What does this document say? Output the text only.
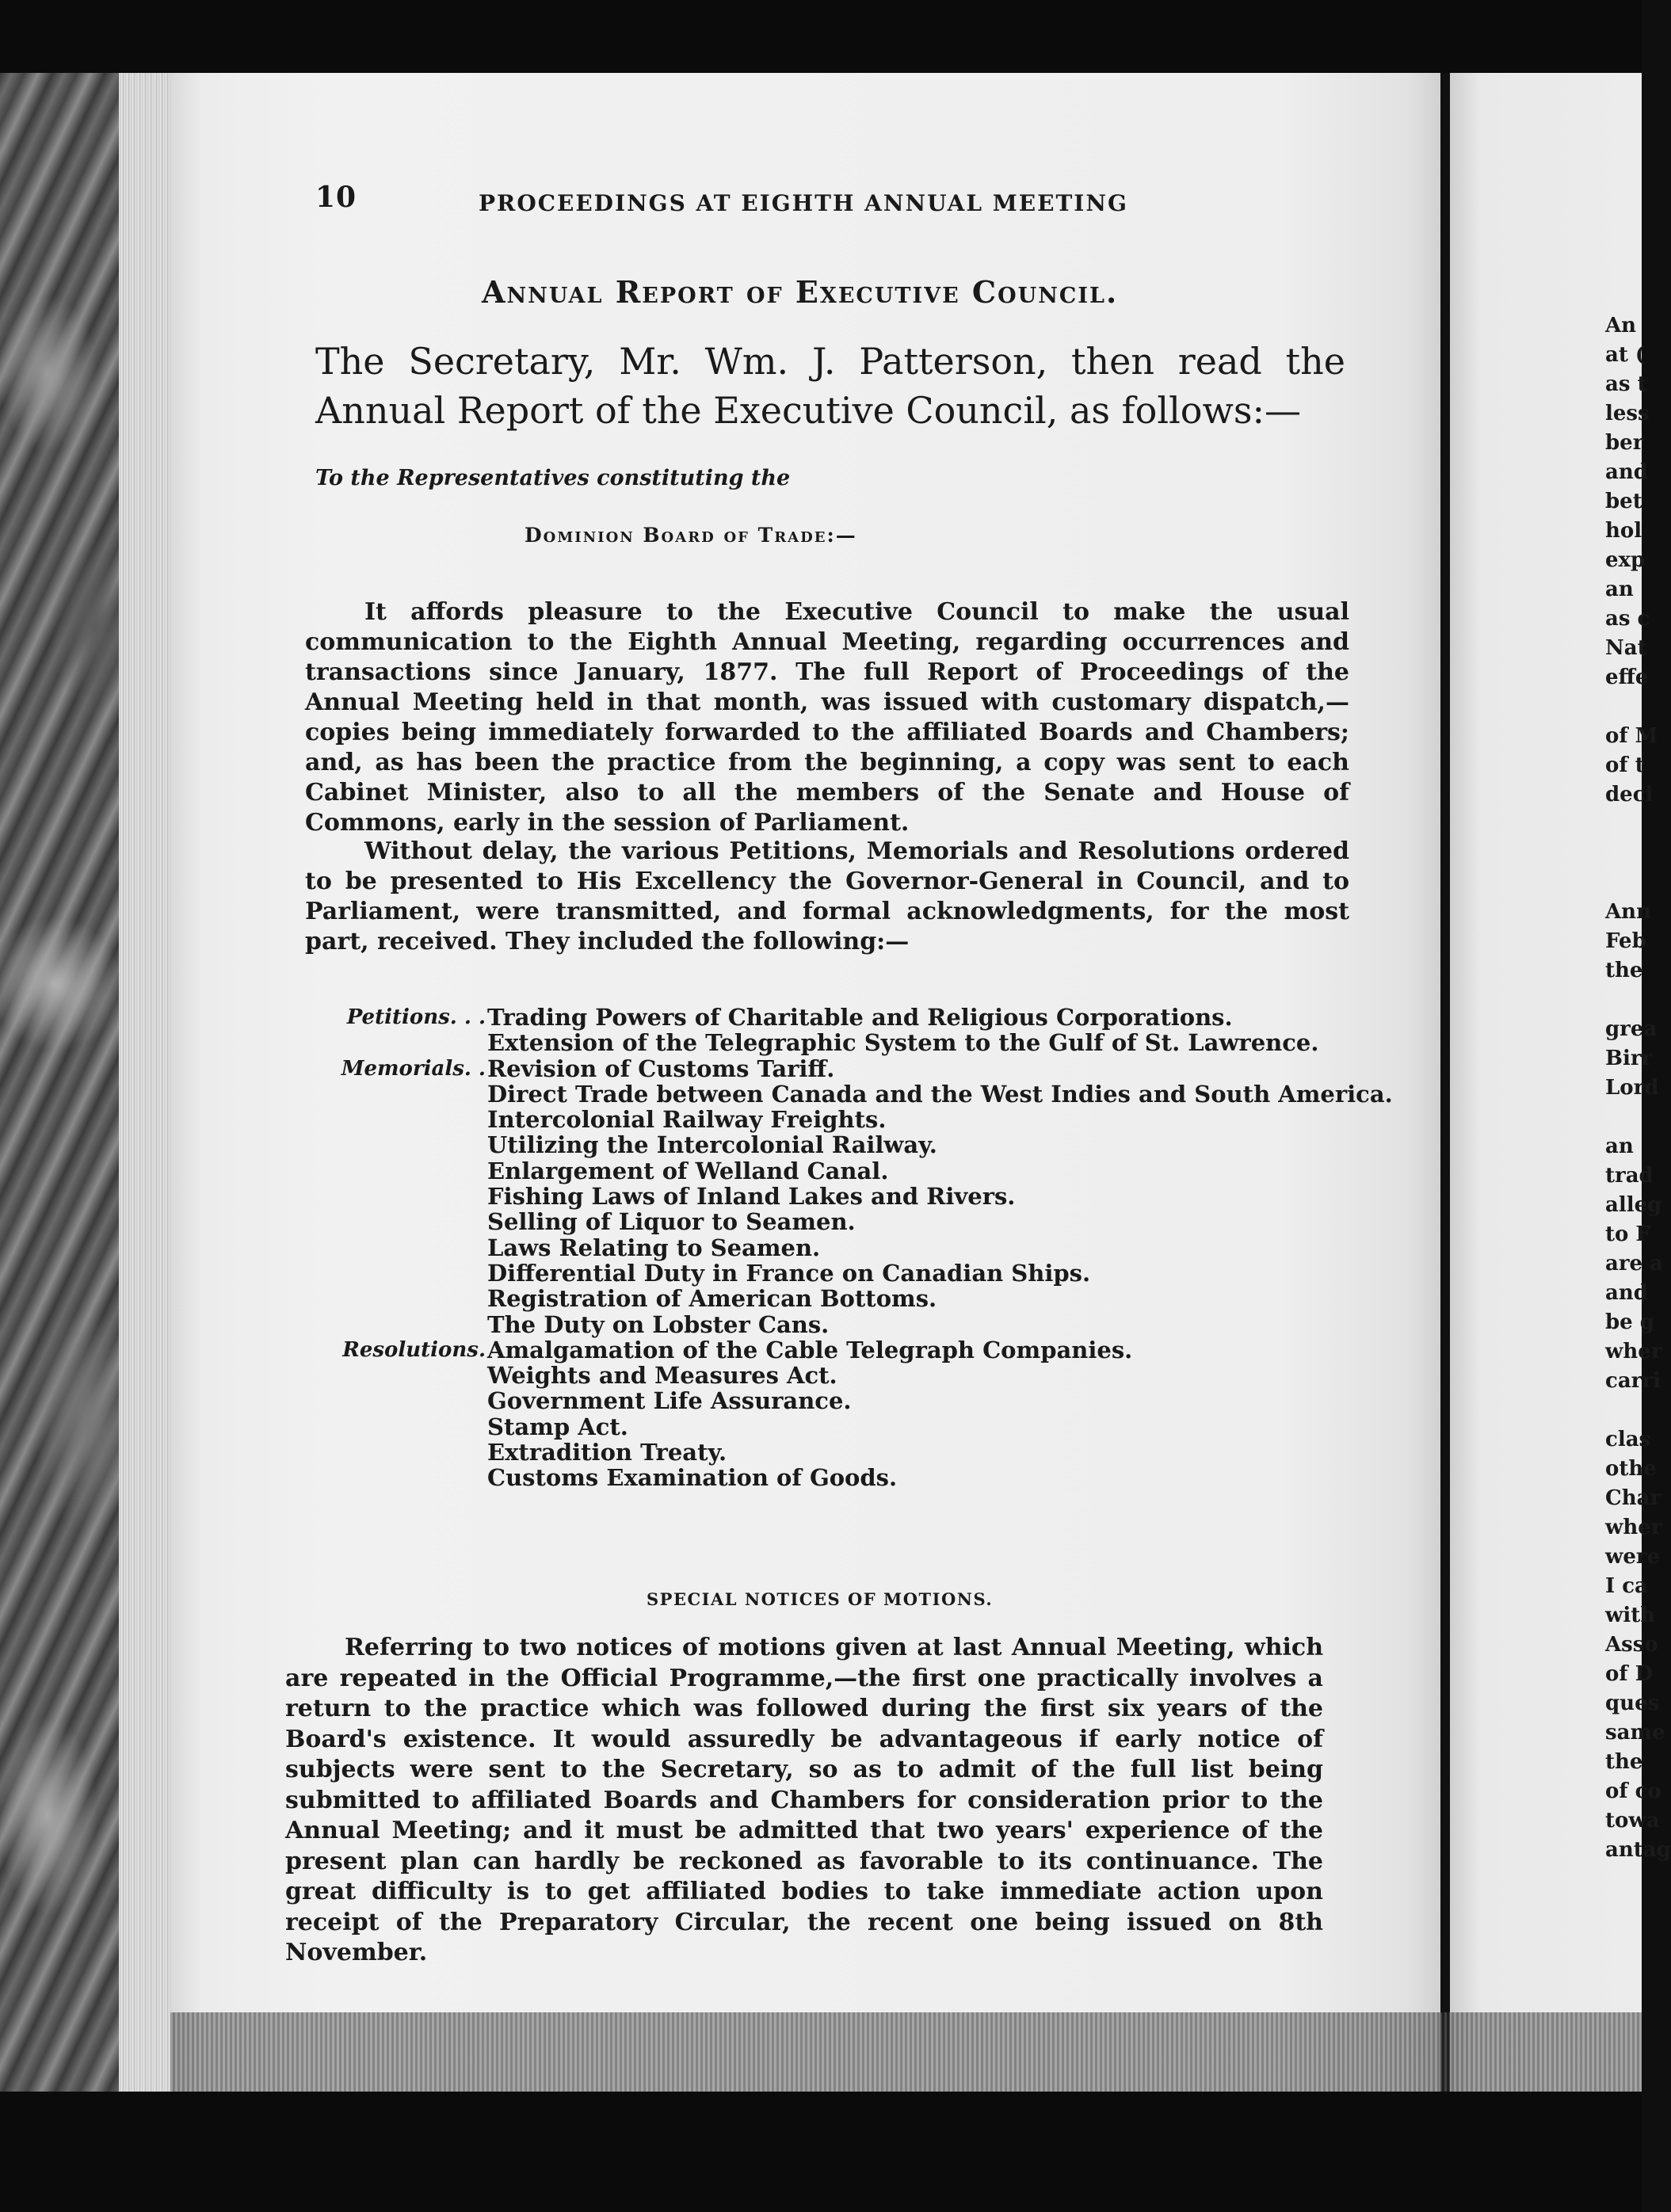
10	PROCEEDINGS AT EIGHTH ANNUAL MEETING
Annual Report of Executive Council.
The Secretary, Mr. Wm. J. Patterson, then read the Annual Report of the Executive Council, as follows:—
To the Representatives constituting the
Dominion Board of Trade:—
It affords pleasure to the Executive Council to make the usual communication to the Eighth Annual Meeting, regarding occurrences and transactions since January, 1877. The full Report of Proceedings of the Annual Meeting held in that month, was issued with customary dispatch,—copies being immediately forwarded to the affiliated Boards and Chambers; and, as has been the practice from the beginning, a copy was sent to each Cabinet Minister, also to all the members of the Senate and House of Commons, early in the session of Parliament.
Without delay, the various Petitions, Memorials and Resolutions ordered to be presented to His Excellency the Governor-General in Council, and to Parliament, were transmitted, and formal acknowledgments, for the most part, received. They included the following:—
Petitions. . . Trading Powers of Charitable and Religious Corporations.
Extension of the Telegraphic System to the Gulf of St. Lawrence.
Memorials. . Revision of Customs Tariff.
Direct Trade between Canada and the West Indies and South America.
Intercolonial Railway Freights.
Utilizing the Intercolonial Railway.
Enlargement of Welland Canal.
Fishing Laws of Inland Lakes and Rivers.
Selling of Liquor to Seamen.
Laws Relating to Seamen.
Differential Duty in France on Canadian Ships.
Registration of American Bottoms.
The Duty on Lobster Cans.
Resolutions. Amalgamation of the Cable Telegraph Companies.
Weights and Measures Act.
Government Life Assurance.
Stamp Act.
Extradition Treaty.
Customs Examination of Goods.
SPECIAL NOTICES OF MOTIONS.
Referring to two notices of motions given at last Annual Meeting, which are repeated in the Official Programme,—the first one practically involves a return to the practice which was followed during the first six years of the Board's existence. It would assuredly be advantageous if early notice of subjects were sent to the Secretary, so as to admit of the full list being submitted to affiliated Boards and Chambers for consideration prior to the Annual Meeting; and it must be admitted that two years' experience of the present plan can hardly be reckoned as favorable to its continuance. The great difficulty is to get affiliated bodies to take immediate action upon receipt of the Preparatory Circular, the recent one being issued on 8th November.
An
at (
as t
less
ber
and
bet
hol
exp
an
as c
Nat
effe
of M
of t
deci
Ann
Feb
the
grea
Birr
Lord
an
trad
alleg
to F
are a
and
be g
wher
carri
clas
othe
Char
wher
were
I ca
with
Asso
of D
ques
same
the
of co
towa
antag
